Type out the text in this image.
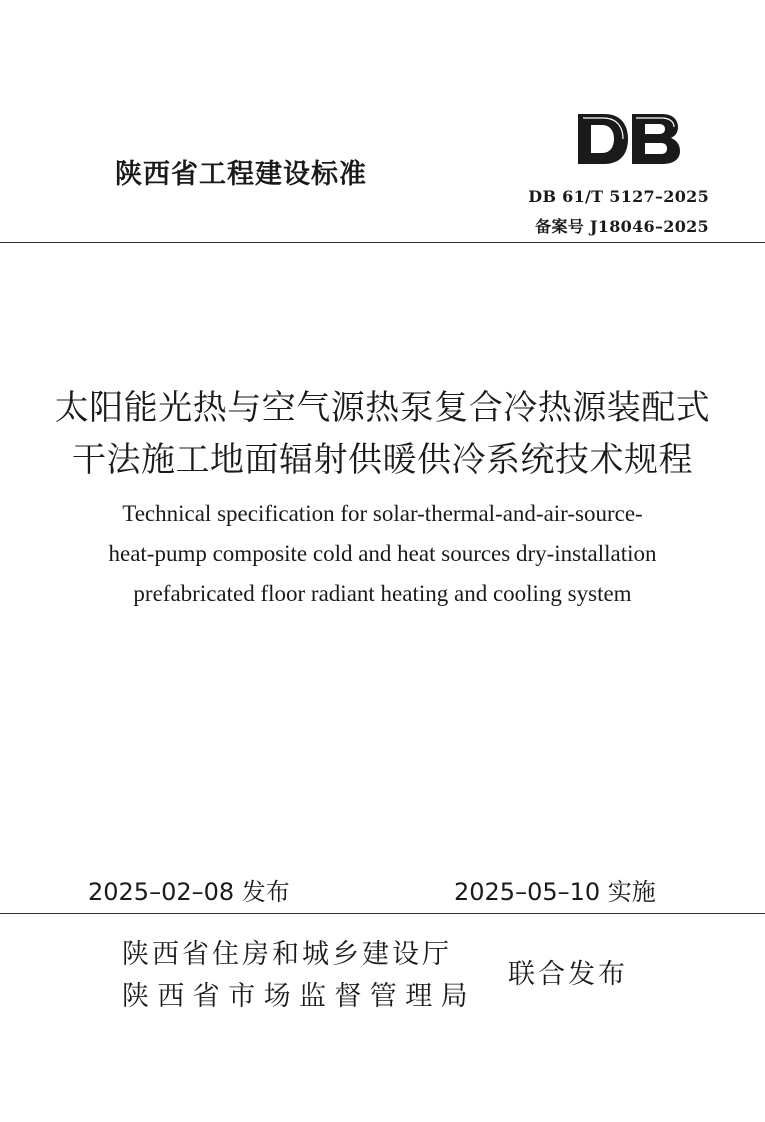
陕西省工程建设标准
DB 61/T 5127–2025
备案号 J18046–2025
太阳能光热与空气源热泵复合冷热源装配式
干法施工地面辐射供暖供冷系统技术规程
Technical specification for solar-thermal-and-air-source-
heat-pump composite cold and heat sources dry-installation
prefabricated floor radiant heating and cooling system
2025–02–08 发布	2025–05–10 实施
陕西省住房和城乡建设厅
陕西省市场监督管理局
联合发布
